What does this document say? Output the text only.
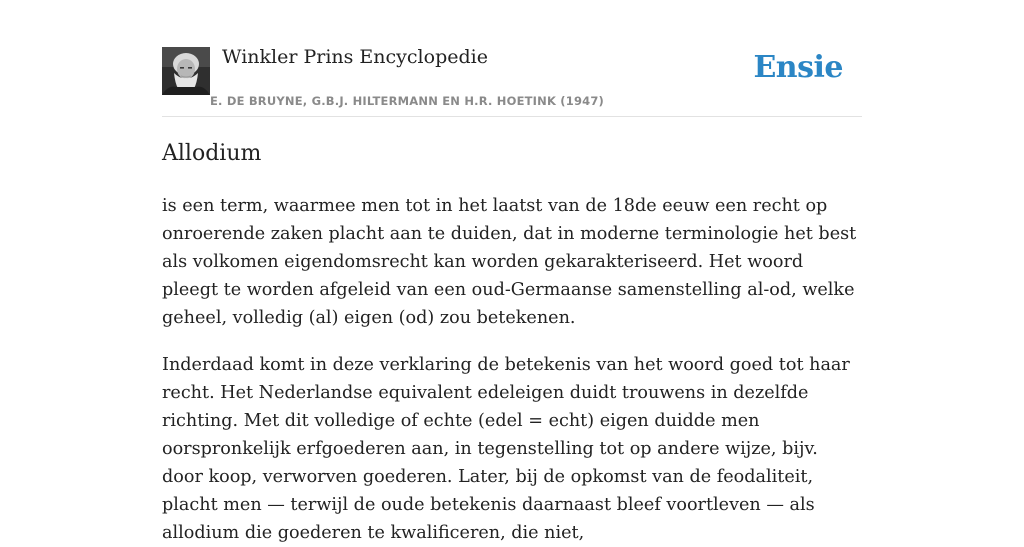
Winkler Prins Encyclopedie	Ensie
E. DE BRUYNE, G.B.J. HILTERMANN EN H.R. HOETINK (1947)
Allodium

is een term, waarmee men tot in het laatst van de 18de eeuw een recht op onroerende zaken placht aan te duiden, dat in moderne terminologie het best als volkomen eigendomsrecht kan worden gekarakteriseerd. Het woord pleegt te worden afgeleid van een oud-Germaanse samenstelling al-od, welke geheel, volledig (al) eigen (od) zou betekenen.

Inderdaad komt in deze verklaring de betekenis van het woord goed tot haar recht. Het Nederlandse equivalent edeleigen duidt trouwens in dezelfde richting. Met dit volledige of echte (edel = echt) eigen duidde men oorspronkelijk erfgoederen aan, in tegenstelling tot op andere wijze, bijv. door koop, verworven goederen. Later, bij de opkomst van de feodaliteit, placht men — terwijl de oude betekenis daarnaast bleef voortleven — als allodium die goederen te kwalificeren, die niet,
